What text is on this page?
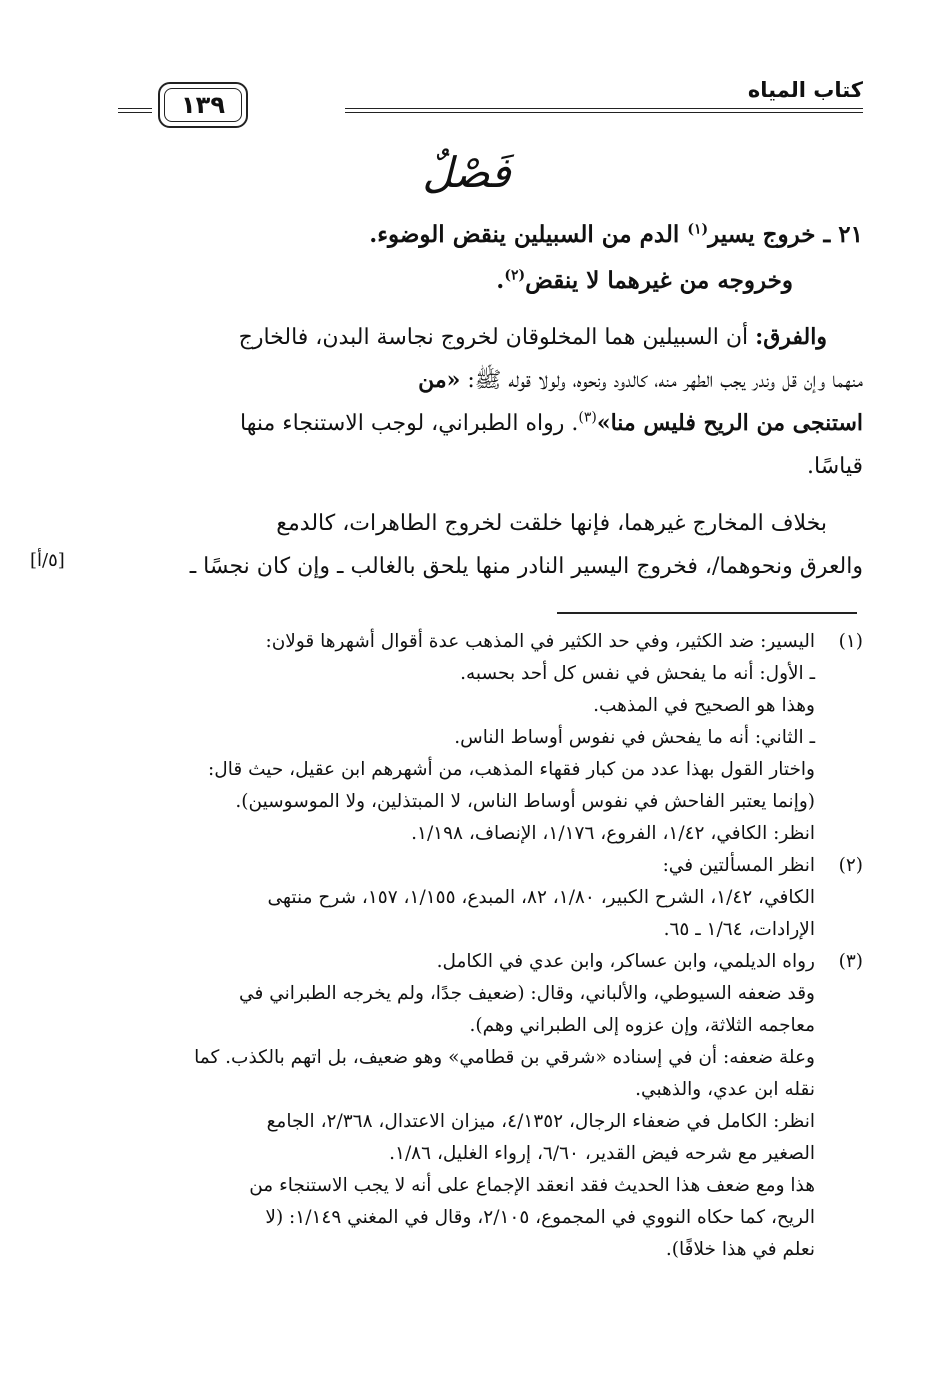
كتاب المياه
١٣٩
فَصْلٌ
٢١ ـ خروج يسير$^{(١)}$ الدم من السبيلين ينقض الوضوء.
وخروجه من غيرهما لا ينقض$^{(٢)}$.
والفرق: أن السبيلين هما المخلوقان لخروج نجاسة البدن، فالخارج
منهما وإن قل وندر يجب الطهر منه، كالدود ونحوه، ولولا قوله ﷺ: «من
استنجى من الريح فليس منا»$^{(٣)}$. رواه الطبراني، لوجب الاستنجاء منها
قياسًا.
بخلاف المخارج غيرهما، فإنها خلقت لخروج الطاهرات، كالدمع
والعرق ونحوهما/، فخروج اليسير النادر منها يلحق بالغالب ـ وإن كان نجسًا ـ
[٥/أ]
(١)
اليسير: ضد الكثير، وفي حد الكثير في المذهب عدة أقوال أشهرها قولان:
ـ الأول: أنه ما يفحش في نفس كل أحد بحسبه.
وهذا هو الصحيح في المذهب.
ـ الثاني: أنه ما يفحش في نفوس أوساط الناس.
واختار القول بهذا عدد من كبار فقهاء المذهب، من أشهرهم ابن عقيل، حيث قال:
(وإنما يعتبر الفاحش في نفوس أوساط الناس، لا المبتذلين، ولا الموسوسين).
انظر: الكافي، ١/٤٢، الفروع، ١/١٧٦، الإنصاف، ١/١٩٨.
(٢)
انظر المسألتين في:
الكافي، ١/٤٢، الشرح الكبير، ١/٨٠، ٨٢، المبدع، ١/١٥٥، ١٥٧، شرح منتهى
الإرادات، ١/٦٤ ـ ٦٥.
(٣)
رواه الديلمي، وابن عساكر، وابن عدي في الكامل.
وقد ضعفه السيوطي، والألباني، وقال: (ضعيف جدًا، ولم يخرجه الطبراني في
معاجمه الثلاثة، وإن عزوه إلى الطبراني وهم).
وعلة ضعفه: أن في إسناده «شرقي بن قطامي» وهو ضعيف، بل اتهم بالكذب. كما
نقله ابن عدي، والذهبي.
انظر: الكامل في ضعفاء الرجال، ٤/١٣٥٢، ميزان الاعتدال، ٢/٣٦٨، الجامع
الصغير مع شرحه فيض القدير، ٦/٦٠، إرواء الغليل، ١/٨٦.
هذا ومع ضعف هذا الحديث فقد انعقد الإجماع على أنه لا يجب الاستنجاء من
الريح، كما حكاه النووي في المجموع، ٢/١٠٥، وقال في المغني ١/١٤٩: (لا
نعلم في هذا خلافًا).
